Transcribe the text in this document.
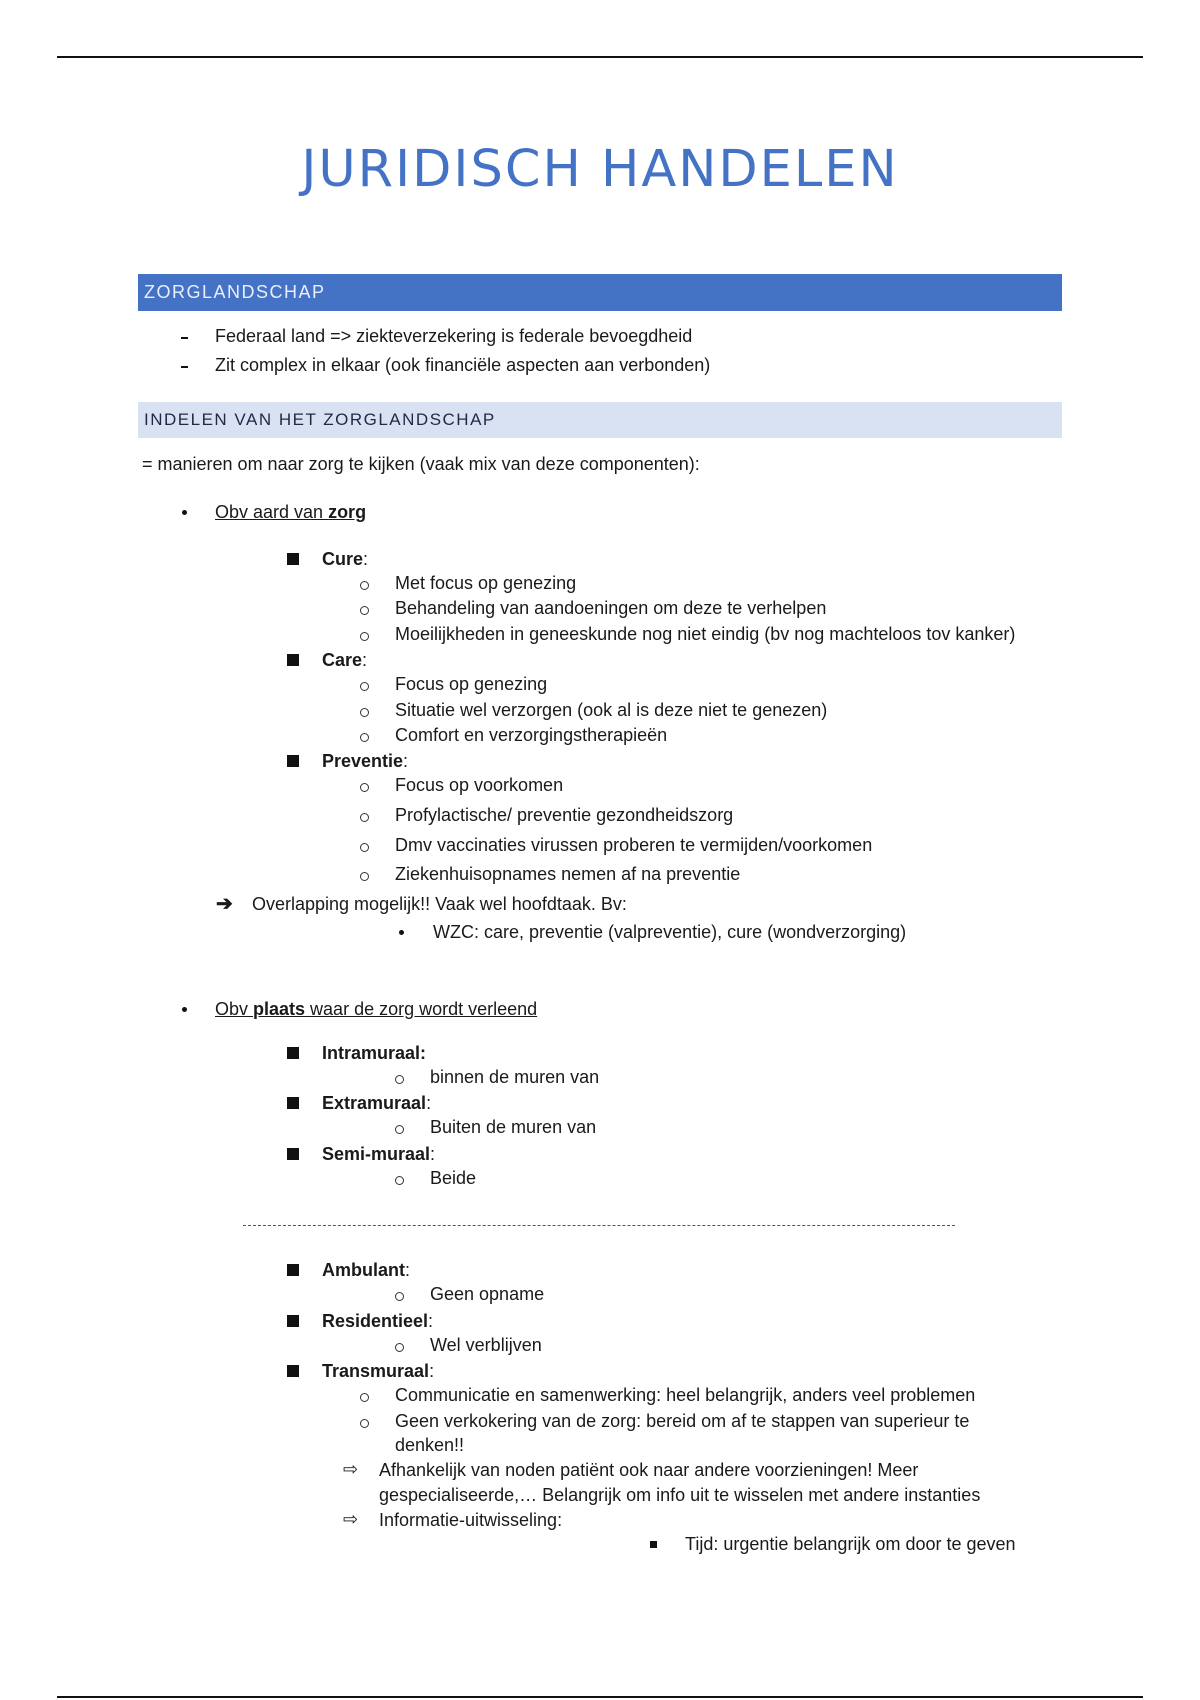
JURIDISCH HANDELEN
ZORGLANDSCHAP
Federaal land => ziekteverzekering is federale bevoegdheid
Zit complex in elkaar (ook financiële aspecten aan verbonden)
INDELEN VAN HET ZORGLANDSCHAP
= manieren om naar zorg te kijken (vaak mix van deze componenten):
Obv aard van zorg
Cure:
Met focus op genezing
Behandeling van aandoeningen om deze te verhelpen
Moeilijkheden in geneeskunde nog niet eindig (bv nog machteloos tov kanker)
Care:
Focus op genezing
Situatie wel verzorgen (ook al is deze niet te genezen)
Comfort en verzorgingstherapieën
Preventie:
Focus op voorkomen
Profylactische/ preventie gezondheidszorg
Dmv vaccinaties virussen proberen te vermijden/voorkomen
Ziekenhuisopnames nemen af na preventie
➔ Overlapping mogelijk!! Vaak wel hoofdtaak. Bv:
WZC: care, preventie (valpreventie), cure (wondverzorging)
Obv plaats waar de zorg wordt verleend
Intramuraal:
binnen de muren van
Extramuraal:
Buiten de muren van
Semi-muraal:
Beide
Ambulant:
Geen opname
Residentieel:
Wel verblijven
Transmuraal:
Communicatie en samenwerking: heel belangrijk, anders veel problemen
Geen verkokering van de zorg: bereid om af te stappen van superieur te
denken!!
⇨ Afhankelijk van noden patiënt ook naar andere voorzieningen! Meer
gespecialiseerde,… Belangrijk om info uit te wisselen met andere instanties
⇨ Informatie-uitwisseling:
Tijd: urgentie belangrijk om door te geven
